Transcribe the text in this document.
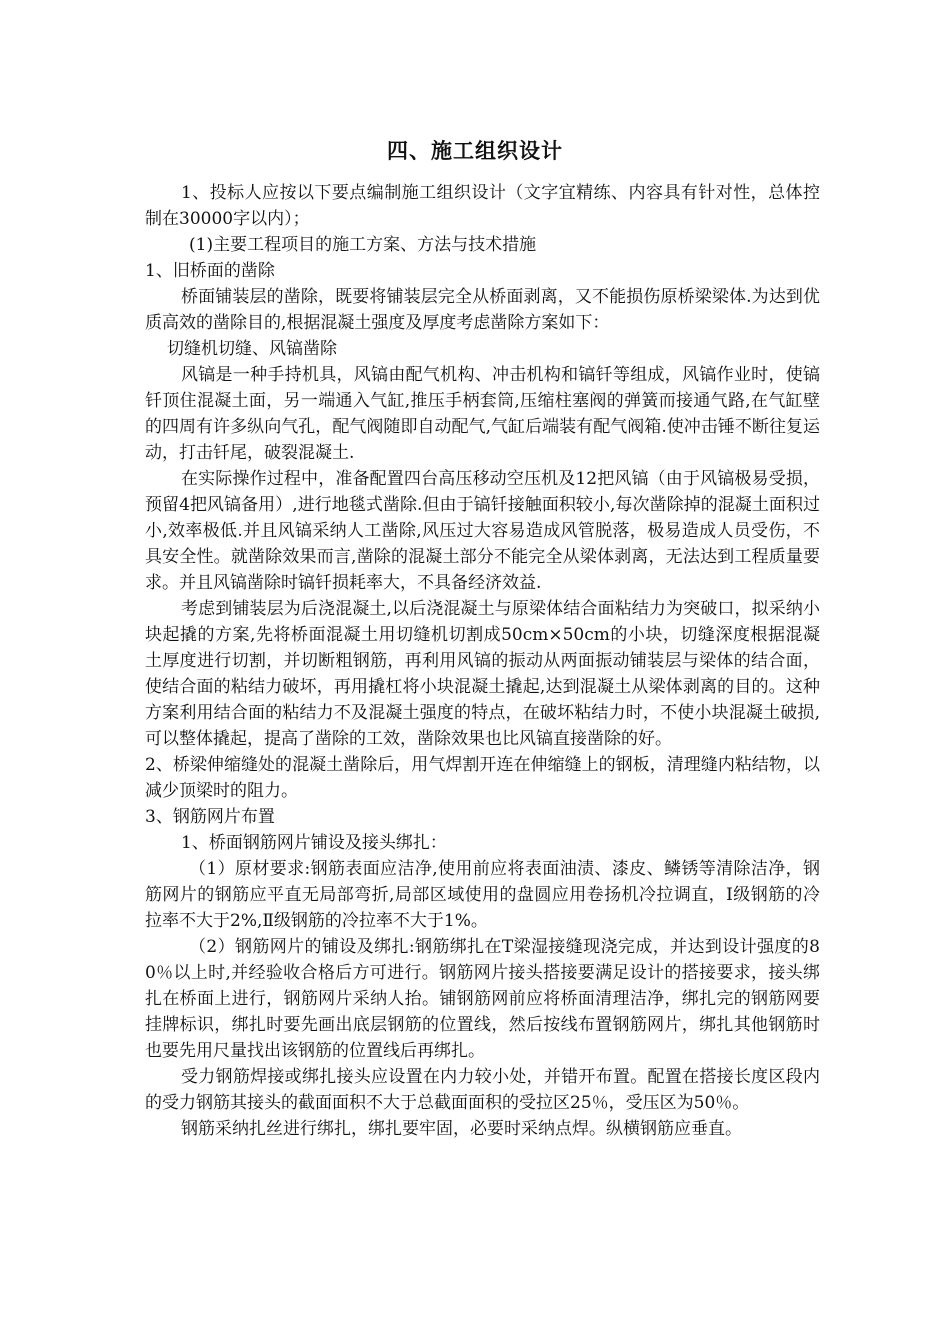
四、施工组织设计

1、投标人应按以下要点编制施工组织设计（文字宜精练、内容具有针对性，总体控制在30000字以内）；

(1)主要工程项目的施工方案、方法与技术措施

1、旧桥面的凿除

桥面铺装层的凿除，既要将铺装层完全从桥面剥离，又不能损伤原桥梁梁体.为达到优质高效的凿除目的,根据混凝土强度及厚度考虑凿除方案如下：

切缝机切缝、风镐凿除

风镐是一种手持机具，风镐由配气机构、冲击机构和镐钎等组成，风镐作业时，使镐钎顶住混凝土面，另一端通入气缸,推压手柄套筒,压缩柱塞阀的弹簧而接通气路,在气缸壁的四周有许多纵向气孔，配气阀随即自动配气,气缸后端装有配气阀箱.使冲击锤不断往复运动，打击钎尾，破裂混凝土.

在实际操作过程中，准备配置四台高压移动空压机及12把风镐（由于风镐极易受损，预留4把风镐备用）,进行地毯式凿除.但由于镐钎接触面积较小,每次凿除掉的混凝土面积过小,效率极低.并且风镐采纳人工凿除,风压过大容易造成风管脱落，极易造成人员受伤，不具安全性。就凿除效果而言,凿除的混凝土部分不能完全从梁体剥离，无法达到工程质量要求。并且风镐凿除时镐钎损耗率大，不具备经济效益.

考虑到铺装层为后浇混凝土,以后浇混凝土与原梁体结合面粘结力为突破口，拟采纳小块起撬的方案,先将桥面混凝土用切缝机切割成50cm×50cm的小块，切缝深度根据混凝土厚度进行切割，并切断粗钢筋，再利用风镐的振动从两面振动铺装层与梁体的结合面，使结合面的粘结力破坏，再用撬杠将小块混凝土撬起,达到混凝土从梁体剥离的目的。这种方案利用结合面的粘结力不及混凝土强度的特点，在破坏粘结力时，不使小块混凝土破损,可以整体撬起，提高了凿除的工效，凿除效果也比风镐直接凿除的好。

2、桥梁伸缩缝处的混凝土凿除后，用气焊割开连在伸缩缝上的钢板，清理缝内粘结物，以减少顶梁时的阻力。

3、钢筋网片布置

1、桥面钢筋网片铺设及接头绑扎：

（1）原材要求:钢筋表面应洁净,使用前应将表面油渍、漆皮、鳞锈等清除洁净，钢筋网片的钢筋应平直无局部弯折,局部区域使用的盘圆应用卷扬机冷拉调直，I级钢筋的冷拉率不大于2%,Ⅱ级钢筋的冷拉率不大于1%。

（2）钢筋网片的铺设及绑扎:钢筋绑扎在T梁湿接缝现浇完成，并达到设计强度的80％以上时,并经验收合格后方可进行。钢筋网片接头搭接要满足设计的搭接要求，接头绑扎在桥面上进行，钢筋网片采纳人抬。铺钢筋网前应将桥面清理洁净，绑扎完的钢筋网要挂牌标识，绑扎时要先画出底层钢筋的位置线，然后按线布置钢筋网片，绑扎其他钢筋时也要先用尺量找出该钢筋的位置线后再绑扎。

受力钢筋焊接或绑扎接头应设置在内力较小处，并错开布置。配置在搭接长度区段内的受力钢筋其接头的截面面积不大于总截面面积的受拉区25％，受压区为50％。

钢筋采纳扎丝进行绑扎，绑扎要牢固，必要时采纳点焊。纵横钢筋应垂直。
